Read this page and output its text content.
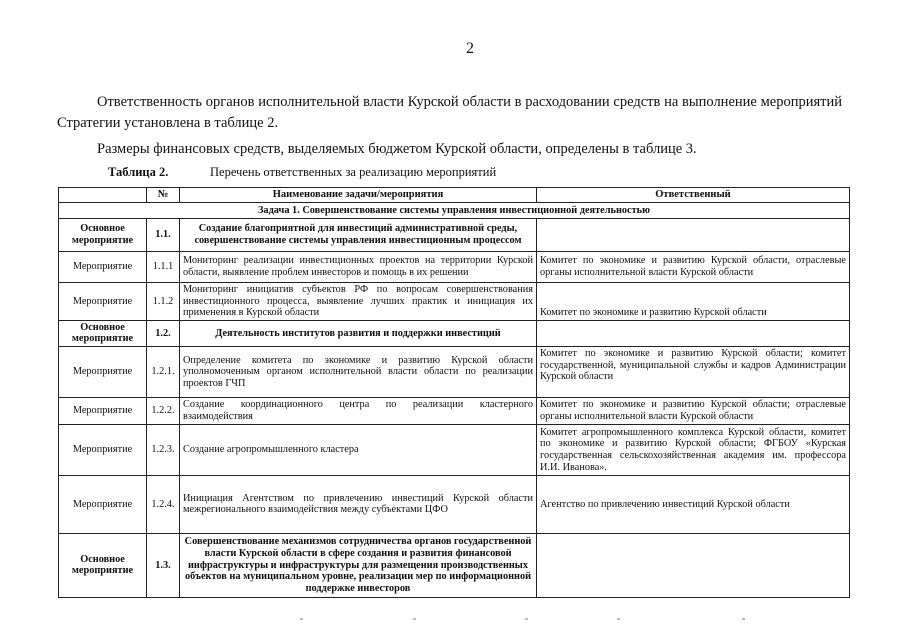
2

Ответственность органов исполнительной власти Курской области в расходовании средств на выполнение мероприятий Стратегии установлена в таблице 2.

Размеры финансовых средств, выделяемых бюджетом Курской области, определены в таблице 3.

Таблица 2.	Перечень ответственных за реализацию мероприятий
	№	Наименование задачи/мероприятия	Ответственный
Задача 1. Совершенствование системы управления инвестиционной деятельностью			
Основное мероприятие	1.1.	Создание благоприятной для инвестиций административной среды, совершенствование системы управления инвестиционным процессом	
Мероприятие	1.1.1	Мониторинг реализации инвестиционных проектов на территории Курской области, выявление проблем инвесторов и помощь в их решении	Комитет по экономике и развитию Курской области, отраслевые органы исполнительной власти Курской области
Мероприятие	1.1.2	Мониторинг инициатив субъектов РФ по вопросам совершенствования инвестиционного процесса, выявление лучших практик и инициация их применения в Курской области	Комитет по экономике и развитию Курской области
Основное мероприятие	1.2.	Деятельность институтов развития и поддержки инвестиций	
Мероприятие	1.2.1.	Определение комитета по экономике и развитию Курской области уполномоченным органом исполнительной власти области по реализации проектов ГЧП	Комитет по экономике и развитию Курской области; комитет государственной, муниципальной службы и кадров Администрации Курской области
Мероприятие	1.2.2.	Создание координационного центра по реализации кластерного взаимодействия	Комитет по экономике и развитию Курской области; отраслевые органы исполнительной власти Курской области
Мероприятие	1.2.3.	Создание агропромышленного кластера	Комитет агропромышленного комплекса Курской области, комитет по экономике и развитию Курской области; ФГБОУ «Курская государственная сельскохозяйственная академия им. профессора И.И. Иванова».
Мероприятие	1.2.4.	Инициация Агентством по привлечению инвестиций Курской области межрегионального взаимодействия между субъектами ЦФО	Агентство по привлечению инвестиций Курской области
Основное мероприятие	1.3.	Совершенствование механизмов сотрудничества органов государственной власти Курской области в сфере создания и развития финансовой инфраструктуры и инфраструктуры для размещения производственных объектов на муниципальном уровне, реализации мер по информационной поддержке инвесторов	
